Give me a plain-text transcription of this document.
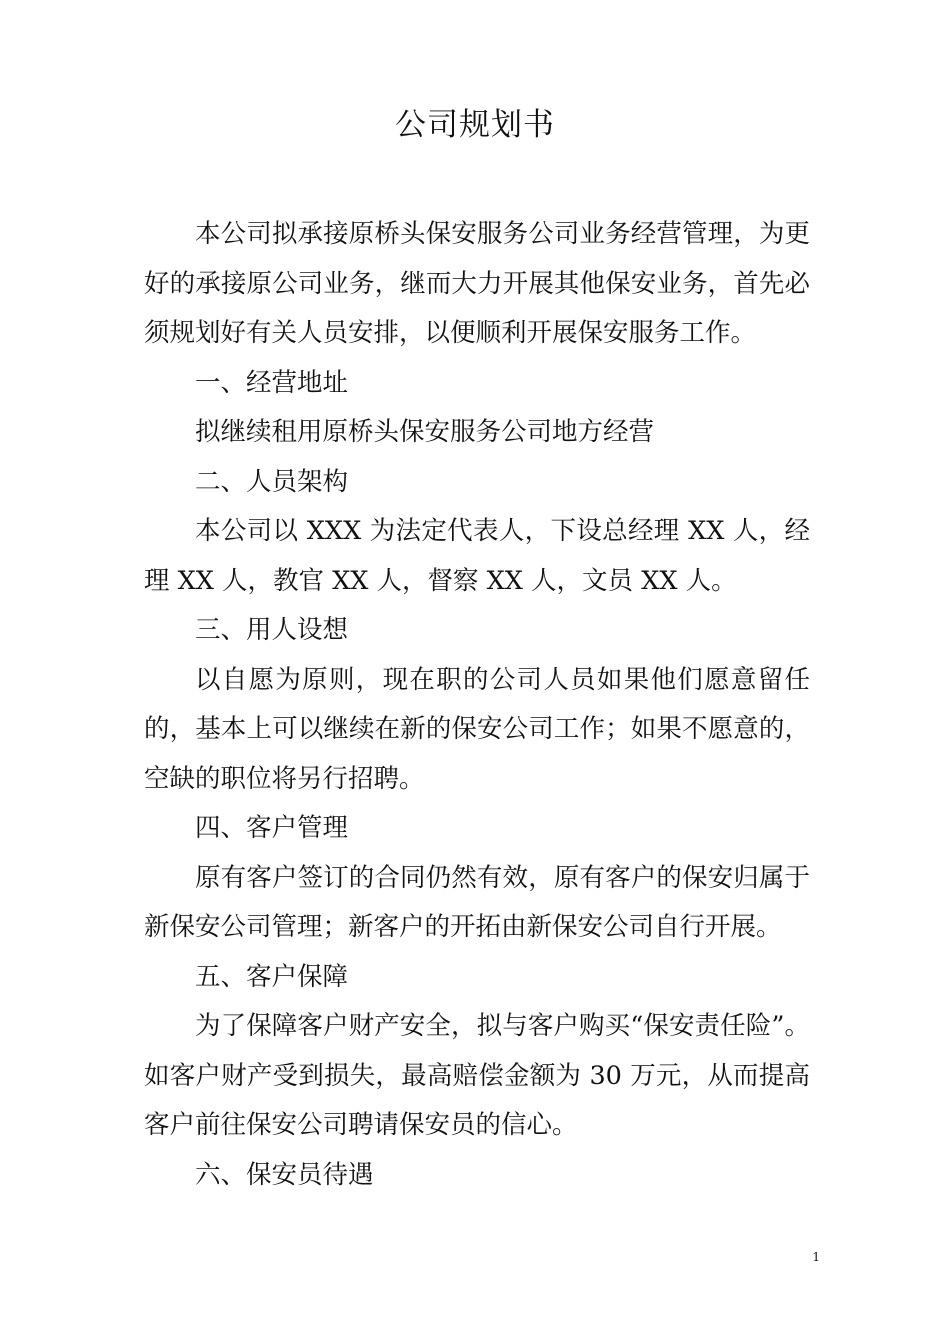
公司规划书

本公司拟承接原桥头保安服务公司业务经营管理，为更好的承接原公司业务，继而大力开展其他保安业务，首先必须规划好有关人员安排，以便顺利开展保安服务工作。

一、经营地址

拟继续租用原桥头保安服务公司地方经营

二、人员架构

本公司以 XXX 为法定代表人，下设总经理 XX 人，经理 XX 人，教官 XX 人，督察 XX 人，文员 XX 人。

三、用人设想

以自愿为原则，现在职的公司人员如果他们愿意留任的，基本上可以继续在新的保安公司工作；如果不愿意的，空缺的职位将另行招聘。

四、客户管理

原有客户签订的合同仍然有效，原有客户的保安归属于新保安公司管理；新客户的开拓由新保安公司自行开展。

五、客户保障

为了保障客户财产安全，拟与客户购买“保安责任险”。如客户财产受到损失，最高赔偿金额为 30 万元，从而提高客户前往保安公司聘请保安员的信心。

六、保安员待遇

1
